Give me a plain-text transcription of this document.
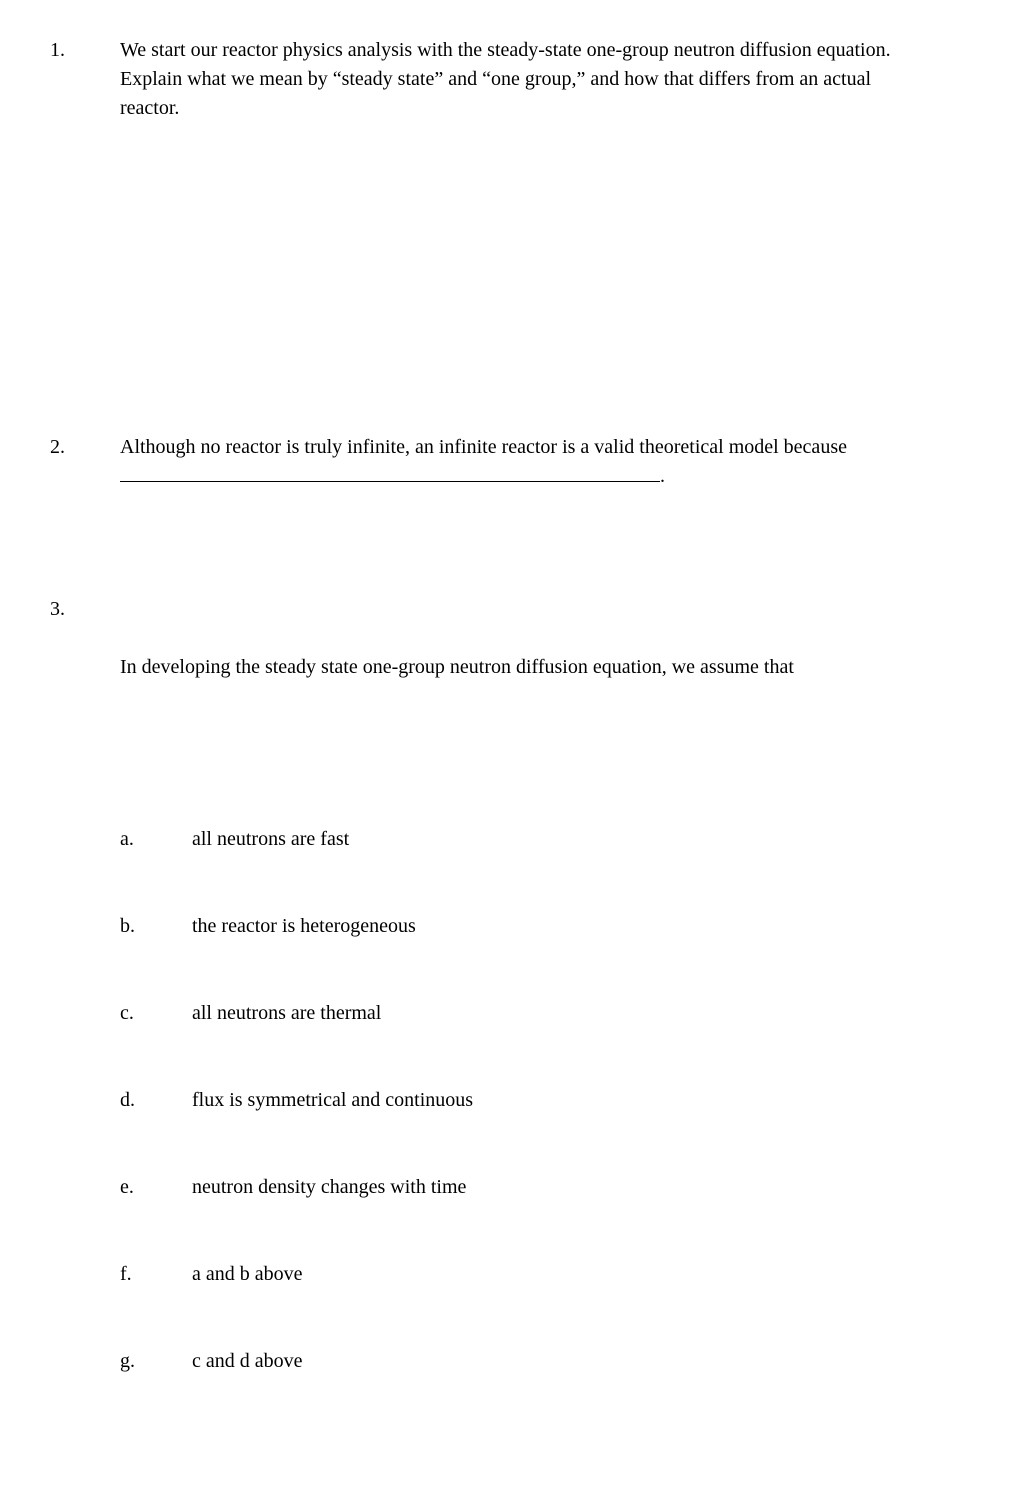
1.	We start our reactor physics analysis with the steady-state one-group neutron diffusion equation.  Explain what we mean by “steady state” and “one group,” and how that differs from an actual reactor.
2.	Although no reactor is truly infinite, an infinite reactor is a valid theoretical model because.
3.

In developing the steady state one-group neutron diffusion equation, we assume that

a.	all neutrons are fast

b.	the reactor is heterogeneous

c.	all neutrons are thermal

d.	flux is symmetrical and continuous

e.	neutron density changes with time

f.	a and b above

g.	c and d above
